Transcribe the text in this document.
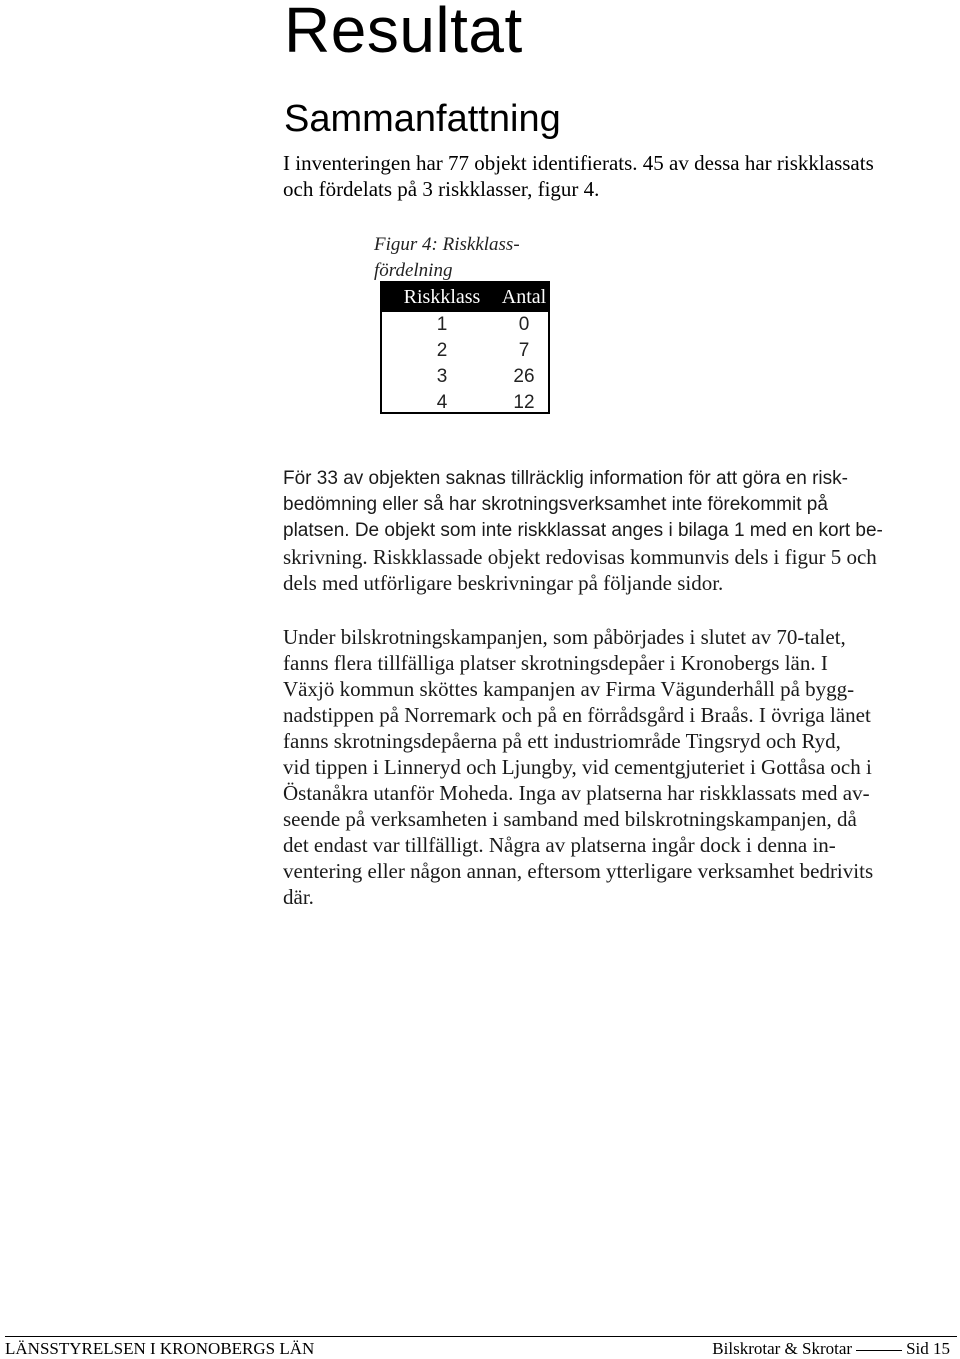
Resultat
Sammanfattning

I inventeringen har 77 objekt identifierats. 45 av dessa har riskklassats
och fördelats på 3 riskklasser, figur 4.

Figur 4: Riskklass-
fördelning

Riskklass	Antal
1	0
2	7
3	26
4	12

För 33 av objekten saknas tillräcklig information för att göra en risk-
bedömning eller så har skrotningsverksamhet inte förekommit på
platsen. De objekt som inte riskklassat anges i bilaga 1 med en kort be-
skrivning. Riskklassade objekt redovisas kommunvis dels i figur 5 och
dels med utförligare beskrivningar på följande sidor.

Under bilskrotningskampanjen, som påbörjades i slutet av 70-talet,
fanns flera tillfälliga platser skrotningsdepåer i Kronobergs län. I
Växjö kommun sköttes kampanjen av Firma Vägunderhåll på bygg-
nadstippen på Norremark och på en förrådsgård i Braås. I övriga länet
fanns skrotningsdepåerna på ett industriområde Tingsryd och Ryd,
vid tippen i Linneryd och Ljungby, vid cementgjuteriet i Gottåsa och i
Östanåkra utanför Moheda. Inga av platserna har riskklassats med av-
seende på verksamheten i samband med bilskrotningskampanjen, då
det endast var tillfälligt. Några av platserna ingår dock i denna in-
ventering eller någon annan, eftersom ytterligare verksamhet bedrivits
där.

LÄNSSTYRELSEN I KRONOBERGS LÄN	Bilskrotar & Skrotar	Sid 15
